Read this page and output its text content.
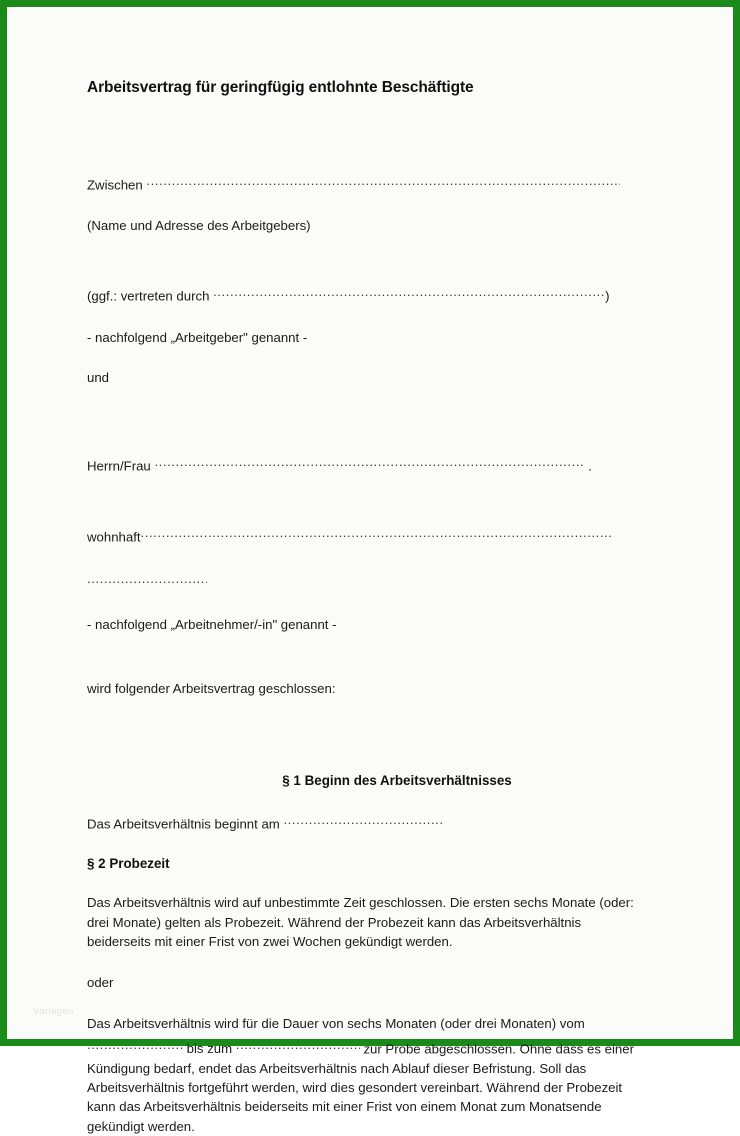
Arbeitsvertrag für geringfügig entlohnte Beschäftigte

Zwischen .....

(Name und Adresse des Arbeitgebers)

(ggf.: vertreten durch .....	)

- nachfolgend „Arbeitgeber" genannt -

und

Herrn/Frau .....	.

wohnhaft.....

.....

- nachfolgend „Arbeitnehmer/-in" genannt -

wird folgender Arbeitsvertrag geschlossen:

§ 1 Beginn des Arbeitsverhältnisses

Das Arbeitsverhältnis beginnt am .....

§ 2 Probezeit

Das Arbeitsverhältnis wird auf unbestimmte Zeit geschlossen. Die ersten sechs Monate (oder: drei Monate) gelten als Probezeit. Während der Probezeit kann das Arbeitsverhältnis beiderseits mit einer Frist von zwei Wochen gekündigt werden.

oder

Das Arbeitsverhältnis wird für die Dauer von sechs Monaten (oder drei Monaten) vom ..... bis zum .....	zur Probe abgeschlossen. Ohne dass es einer Kündigung bedarf, endet das Arbeitsverhältnis nach Ablauf dieser Befristung. Soll das Arbeitsverhältnis fortgeführt werden, wird dies gesondert vereinbart. Während der Probezeit kann das Arbeitsverhältnis beiderseits mit einer Frist von einem Monat zum Monatsende gekündigt werden.

Vorlagen
